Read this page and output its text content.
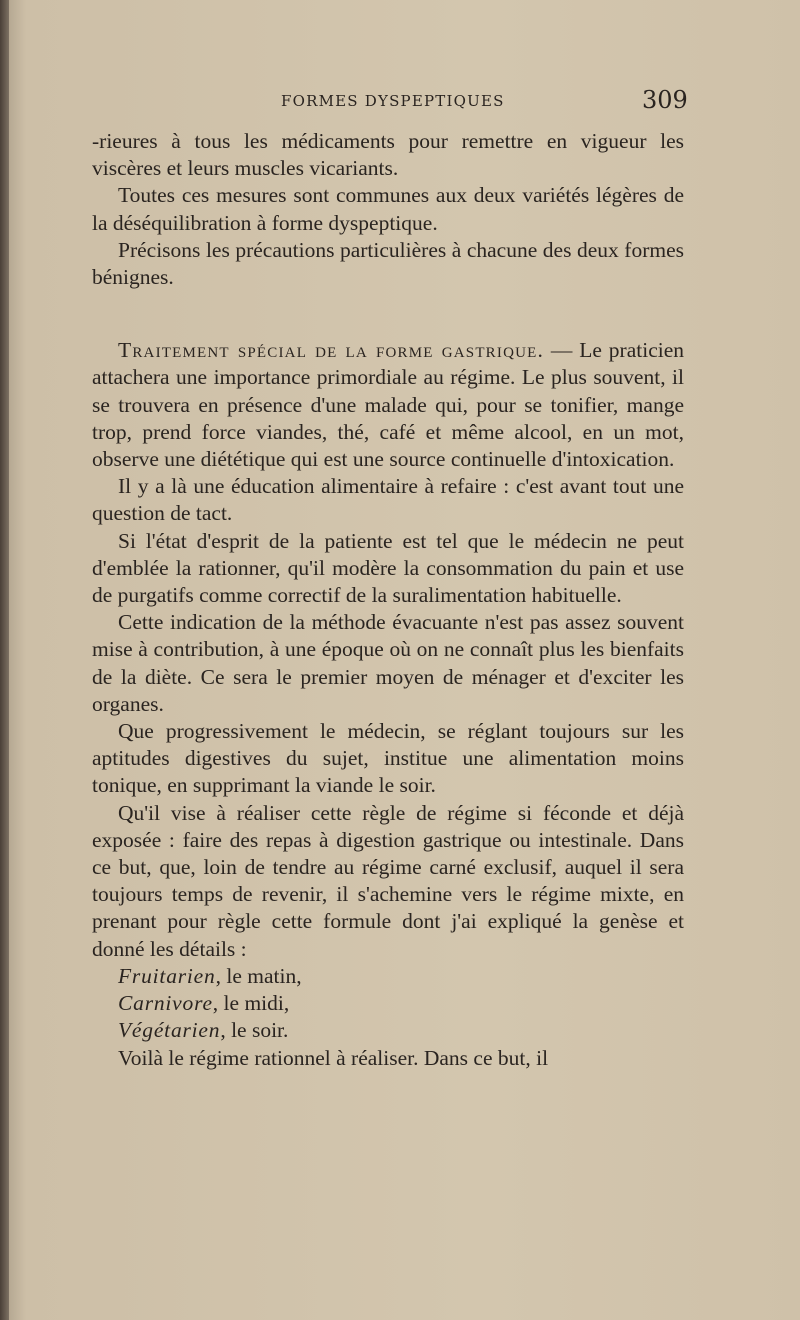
FORMES DYSPEPTIQUES	309

-rieures à tous les médicaments pour remettre en vigueur les viscères et leurs muscles vicariants.

Toutes ces mesures sont communes aux deux variétés légères de la déséquilibration à forme dyspeptique.

Précisons les précautions particulières à chacune des deux formes bénignes.

Traitement spécial de la forme gastrique. — Le praticien attachera une importance primordiale au régime. Le plus souvent, il se trouvera en présence d'une malade qui, pour se tonifier, mange trop, prend force viandes, thé, café et même alcool, en un mot, observe une diététique qui est une source continuelle d'intoxication.

Il y a là une éducation alimentaire à refaire : c'est avant tout une question de tact.

Si l'état d'esprit de la patiente est tel que le médecin ne peut d'emblée la rationner, qu'il modère la consommation du pain et use de purgatifs comme correctif de la suralimentation habituelle.

Cette indication de la méthode évacuante n'est pas assez souvent mise à contribution, à une époque où on ne connaît plus les bienfaits de la diète. Ce sera le premier moyen de ménager et d'exciter les organes.

Que progressivement le médecin, se réglant toujours sur les aptitudes digestives du sujet, institue une alimentation moins tonique, en supprimant la viande le soir.

Qu'il vise à réaliser cette règle de régime si féconde et déjà exposée : faire des repas à digestion gastrique ou intestinale. Dans ce but, que, loin de tendre au régime carné exclusif, auquel il sera toujours temps de revenir, il s'achemine vers le régime mixte, en prenant pour règle cette formule dont j'ai expliqué la genèse et donné les détails :

Fruitarien, le matin,

Carnivore, le midi,

Végétarien, le soir.

Voilà le régime rationnel à réaliser. Dans ce but, il
